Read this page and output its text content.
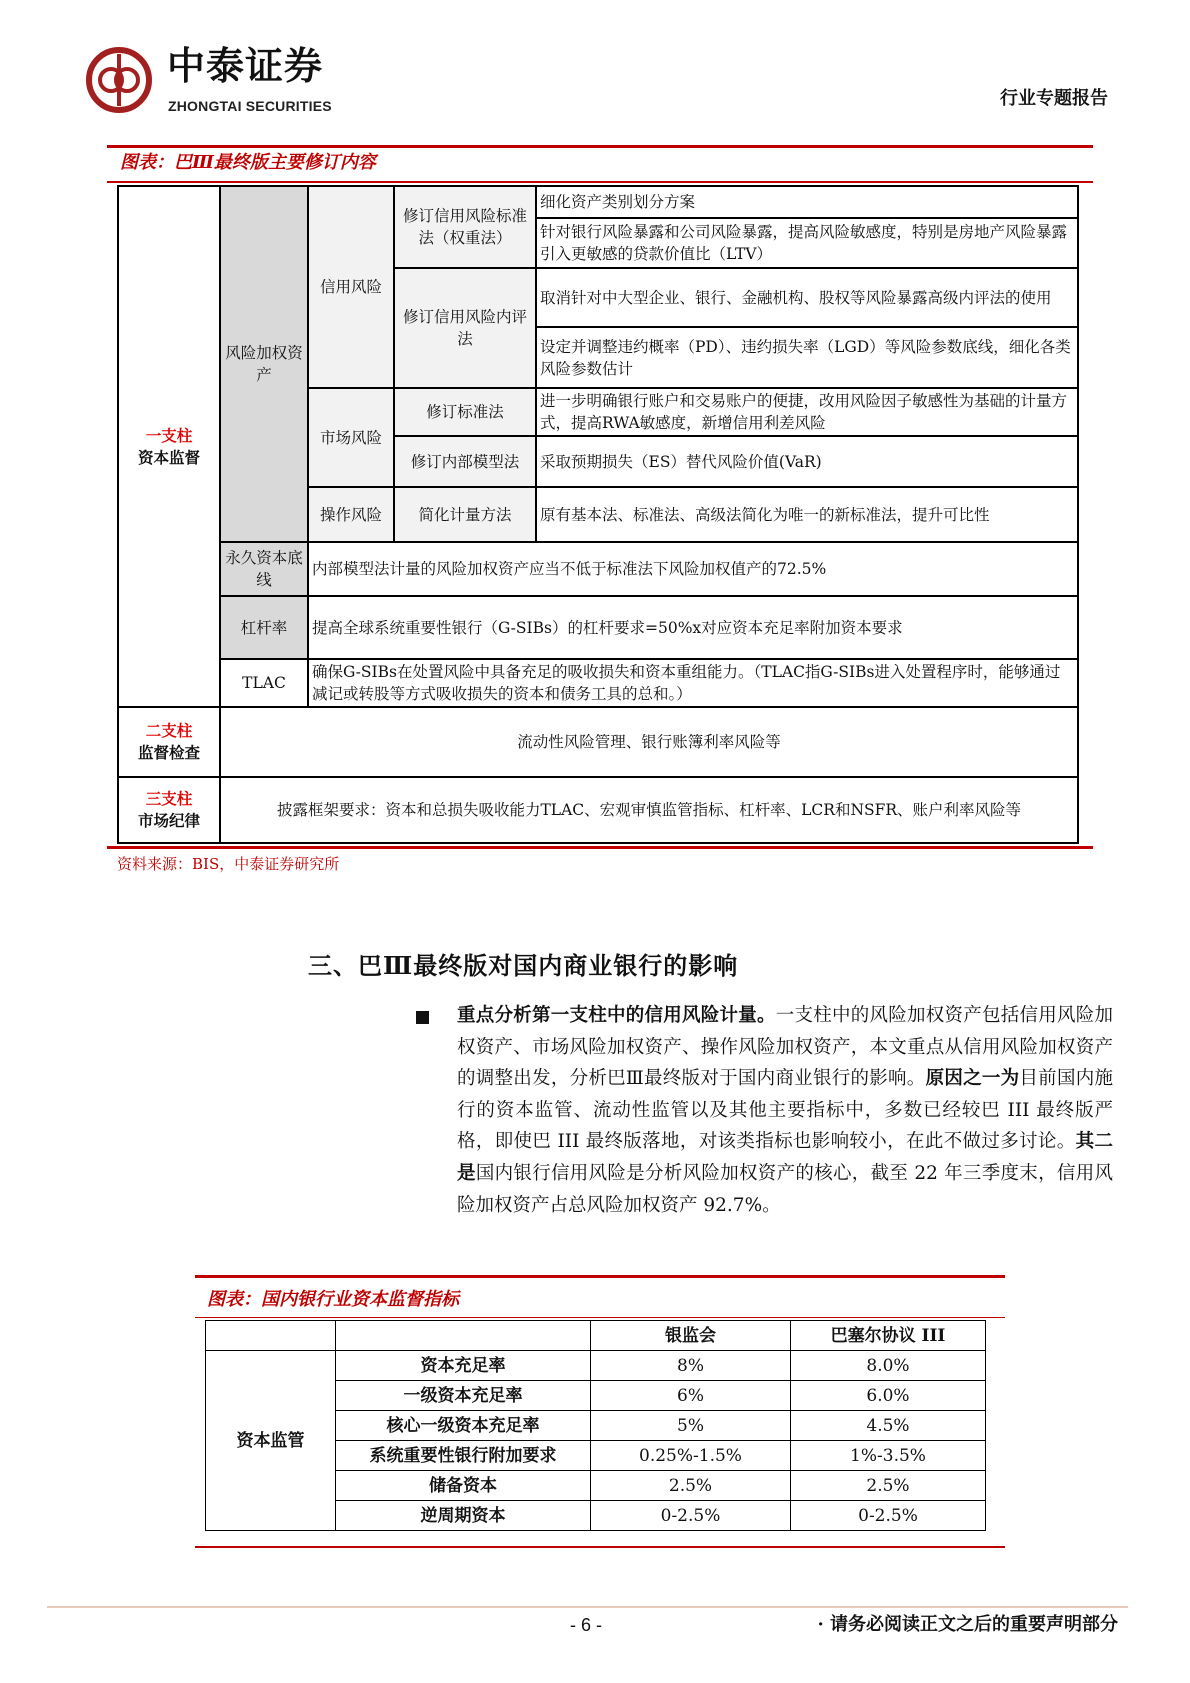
中泰证券
ZHONGTAI SECURITIES	行业专题报告
图表：巴Ⅲ最终版主要修订内容
一支柱
资本监督	风险加权资产	信用风险	修订信用风险标准法（权重法）	细化资产类别划分方案
				针对银行风险暴露和公司风险暴露，提高风险敏感度，特别是房地产风险暴露引入更敏感的贷款价值比（LTV）
			修订信用风险内评法	取消针对中大型企业、银行、金融机构、股权等风险暴露高级内评法的使用
				设定并调整违约概率（PD）、违约损失率（LGD）等风险参数底线，细化各类风险参数估计
		市场风险	修订标准法	进一步明确银行账户和交易账户的便捷，改用风险因子敏感性为基础的计量方式，提高RWA敏感度，新增信用利差风险
			修订内部模型法	采取预期损失（ES）替代风险价值(VaR)
		操作风险	简化计量方法	原有基本法、标准法、高级法简化为唯一的新标准法，提升可比性
	永久资本底线	内部模型法计量的风险加权资产应当不低于标准法下风险加权值产的72.5%		
	杠杆率	提高全球系统重要性银行（G-SIBs）的杠杆要求=50%x对应资本充足率附加资本要求		
	TLAC	确保G-SIBs在处置风险中具备充足的吸收损失和资本重组能力。（TLAC指G-SIBs进入处置程序时，能够通过减记或转股等方式吸收损失的资本和债务工具的总和。）		

二支柱
监督检查	流动性风险管理、银行账簿利率风险等			

三支柱
市场纪律	披露框架要求：资本和总损失吸收能力TLAC、宏观审慎监管指标、杠杆率、LCR和NSFR、账户利率风险等			
资料来源：BIS，中泰证券研究所
三、巴Ⅲ最终版对国内商业银行的影响
重点分析第一支柱中的信用风险计量。一支柱中的风险加权资产包括信用风险加权资产、市场风险加权资产、操作风险加权资产，本文重点从信用风险加权资产的调整出发，分析巴Ⅲ最终版对于国内商业银行的影响。原因之一为目前国内施行的资本监管、流动性监管以及其他主要指标中，多数已经较巴 III 最终版严格，即使巴 III 最终版落地，对该类指标也影响较小，在此不做过多讨论。其二是国内银行信用风险是分析风险加权资产的核心，截至 22 年三季度末，信用风险加权资产占总风险加权资产 92.7%。
图表：国内银行业资本监督指标
		银监会	巴塞尔协议 III
资本监管	资本充足率	8%	8.0%
	一级资本充足率	6%	6.0%
	核心一级资本充足率	5%	4.5%
	系统重要性银行附加要求	0.25%-1.5%	1%-3.5%
	储备资本	2.5%	2.5%
	逆周期资本	0-2.5%	0-2.5%
- 6 -	· 请务必阅读正文之后的重要声明部分
